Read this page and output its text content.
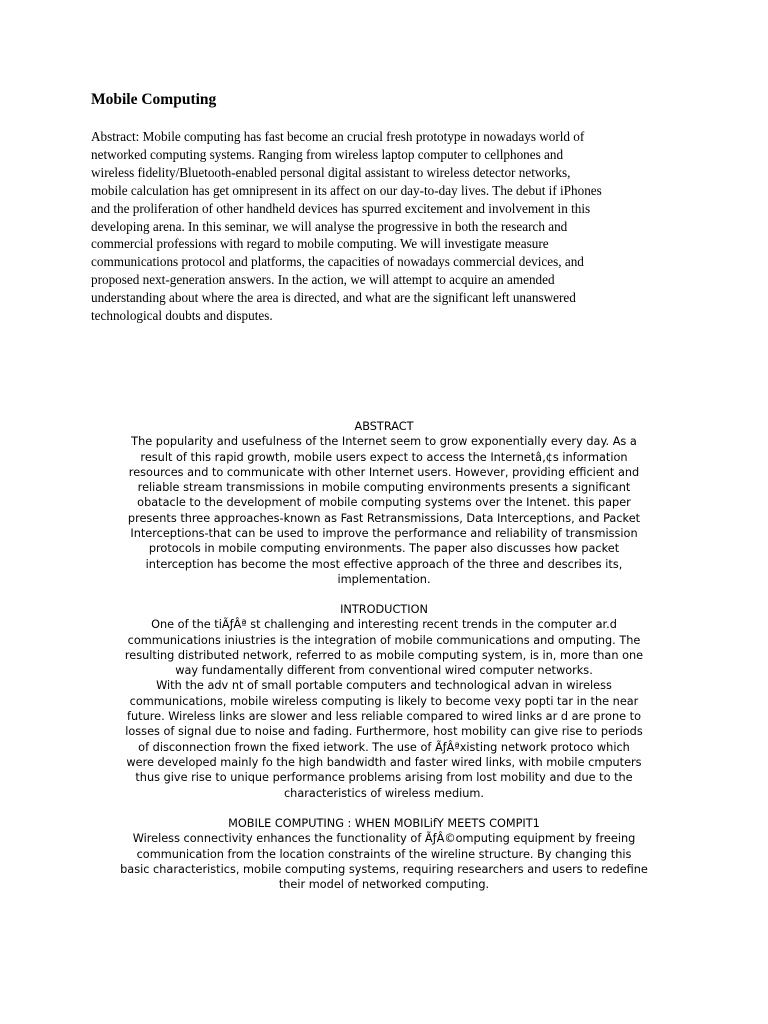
Mobile Computing
Abstract: Mobile computing has fast become an crucial fresh prototype in nowadays world of
networked computing systems. Ranging from wireless laptop computer to cellphones and
wireless fidelity/Bluetooth-enabled personal digital assistant to wireless detector networks,
mobile calculation has get omnipresent in its affect on our day-to-day lives. The debut if iPhones
and the proliferation of other handheld devices has spurred excitement and involvement in this
developing arena. In this seminar, we will analyse the progressive in both the research and
commercial professions with regard to mobile computing. We will investigate measure
communications protocol and platforms, the capacities of nowadays commercial devices, and
proposed next-generation answers. In the action, we will attempt to acquire an amended
understanding about where the area is directed, and what are the significant left unanswered
technological doubts and disputes.
ABSTRACT
The popularity and usefulness of the Internet seem to grow exponentially every day. As a
result of this rapid growth, mobile users expect to access the Internetâ‚¢s information
resources and to communicate with other Internet users. However, providing efficient and
reliable stream transmissions in mobile computing environments presents a significant
obatacle to the development of mobile computing systems over the Intenet. this paper
presents three approaches-known as Fast Retransmissions, Data Interceptions, and Packet
Interceptions-that can be used to improve the performance and reliability of transmission
protocols in mobile computing environments. The paper also discusses how packet
interception has become the most effective approach of the three and describes its,
implementation.
INTRODUCTION
One of the tiÃƒÂª st challenging and interesting recent trends in the computer ar.d
communications iniustries is the integration of mobile communications and omputing. The
resulting distributed network, referred to as mobile computing system, is in, more than one
way fundamentally different from conventional wired computer networks.
With the adv nt of small portable computers and technological advan in wireless
communications, mobile wireless computing is likely to become vexy popti tar in the near
future. Wireless links are slower and less reliable compared to wired links ar d are prone to
losses of signal due to noise and fading. Furthermore, host mobility can give rise to periods
of disconnection frown the fixed ietwork. The use of ÃƒÂªxisting network protoco which
were developed mainly fo the high bandwidth and faster wired links, with mobile cmputers
thus give rise to unique performance problems arising from lost mobility and due to the
characteristics of wireless medium.
MOBILE COMPUTING : WHEN MOBILifY MEETS COMPIT1
Wireless connectivity enhances the functionality of ÃƒÂ©omputing equipment by freeing
communication from the location constraints of the wireline structure. By changing this
basic characteristics, mobile computing systems, requiring researchers and users to redefine
their model of networked computing.
